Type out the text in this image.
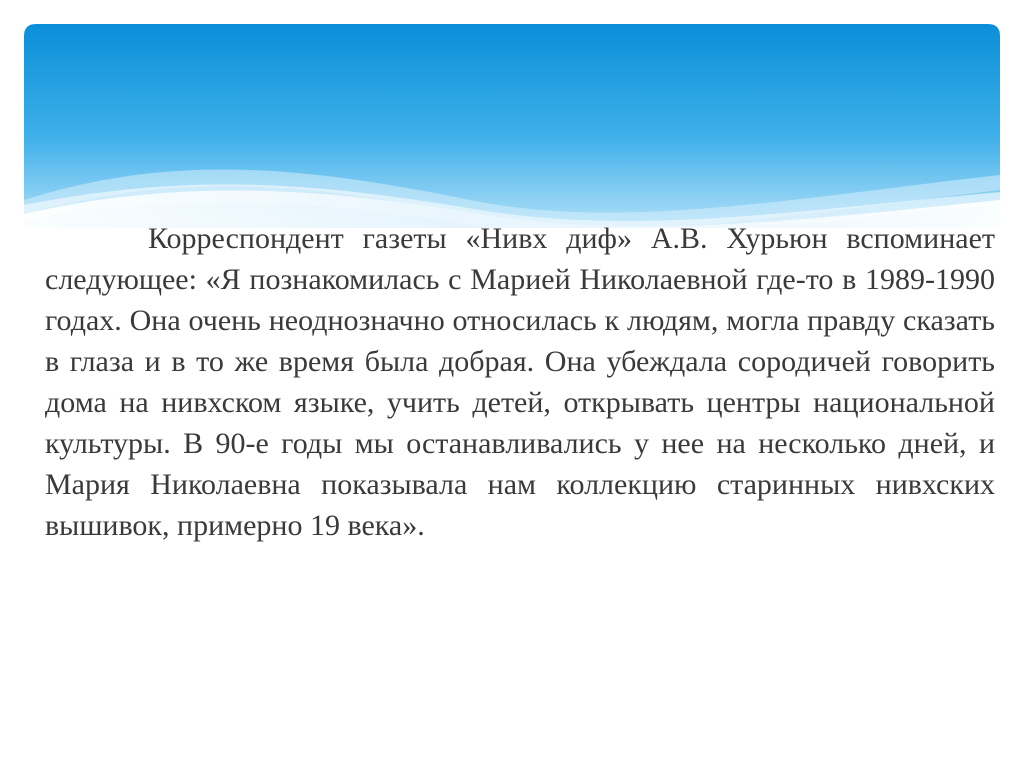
Корреспондент газеты «Нивх диф» А.В. Хурьюн вспоминает следующее: «Я познакомилась с Марией Николаевной где-то в 1989-1990 годах. Она очень неоднозначно относилась к людям, могла правду сказать в глаза и в то же время была добрая. Она убеждала сородичей говорить дома на нивхском языке, учить детей, открывать центры национальной культуры. В 90-е годы мы останавливались у нее на несколько дней, и Мария Николаевна показывала нам коллекцию старинных нивхских вышивок, примерно 19 века».
